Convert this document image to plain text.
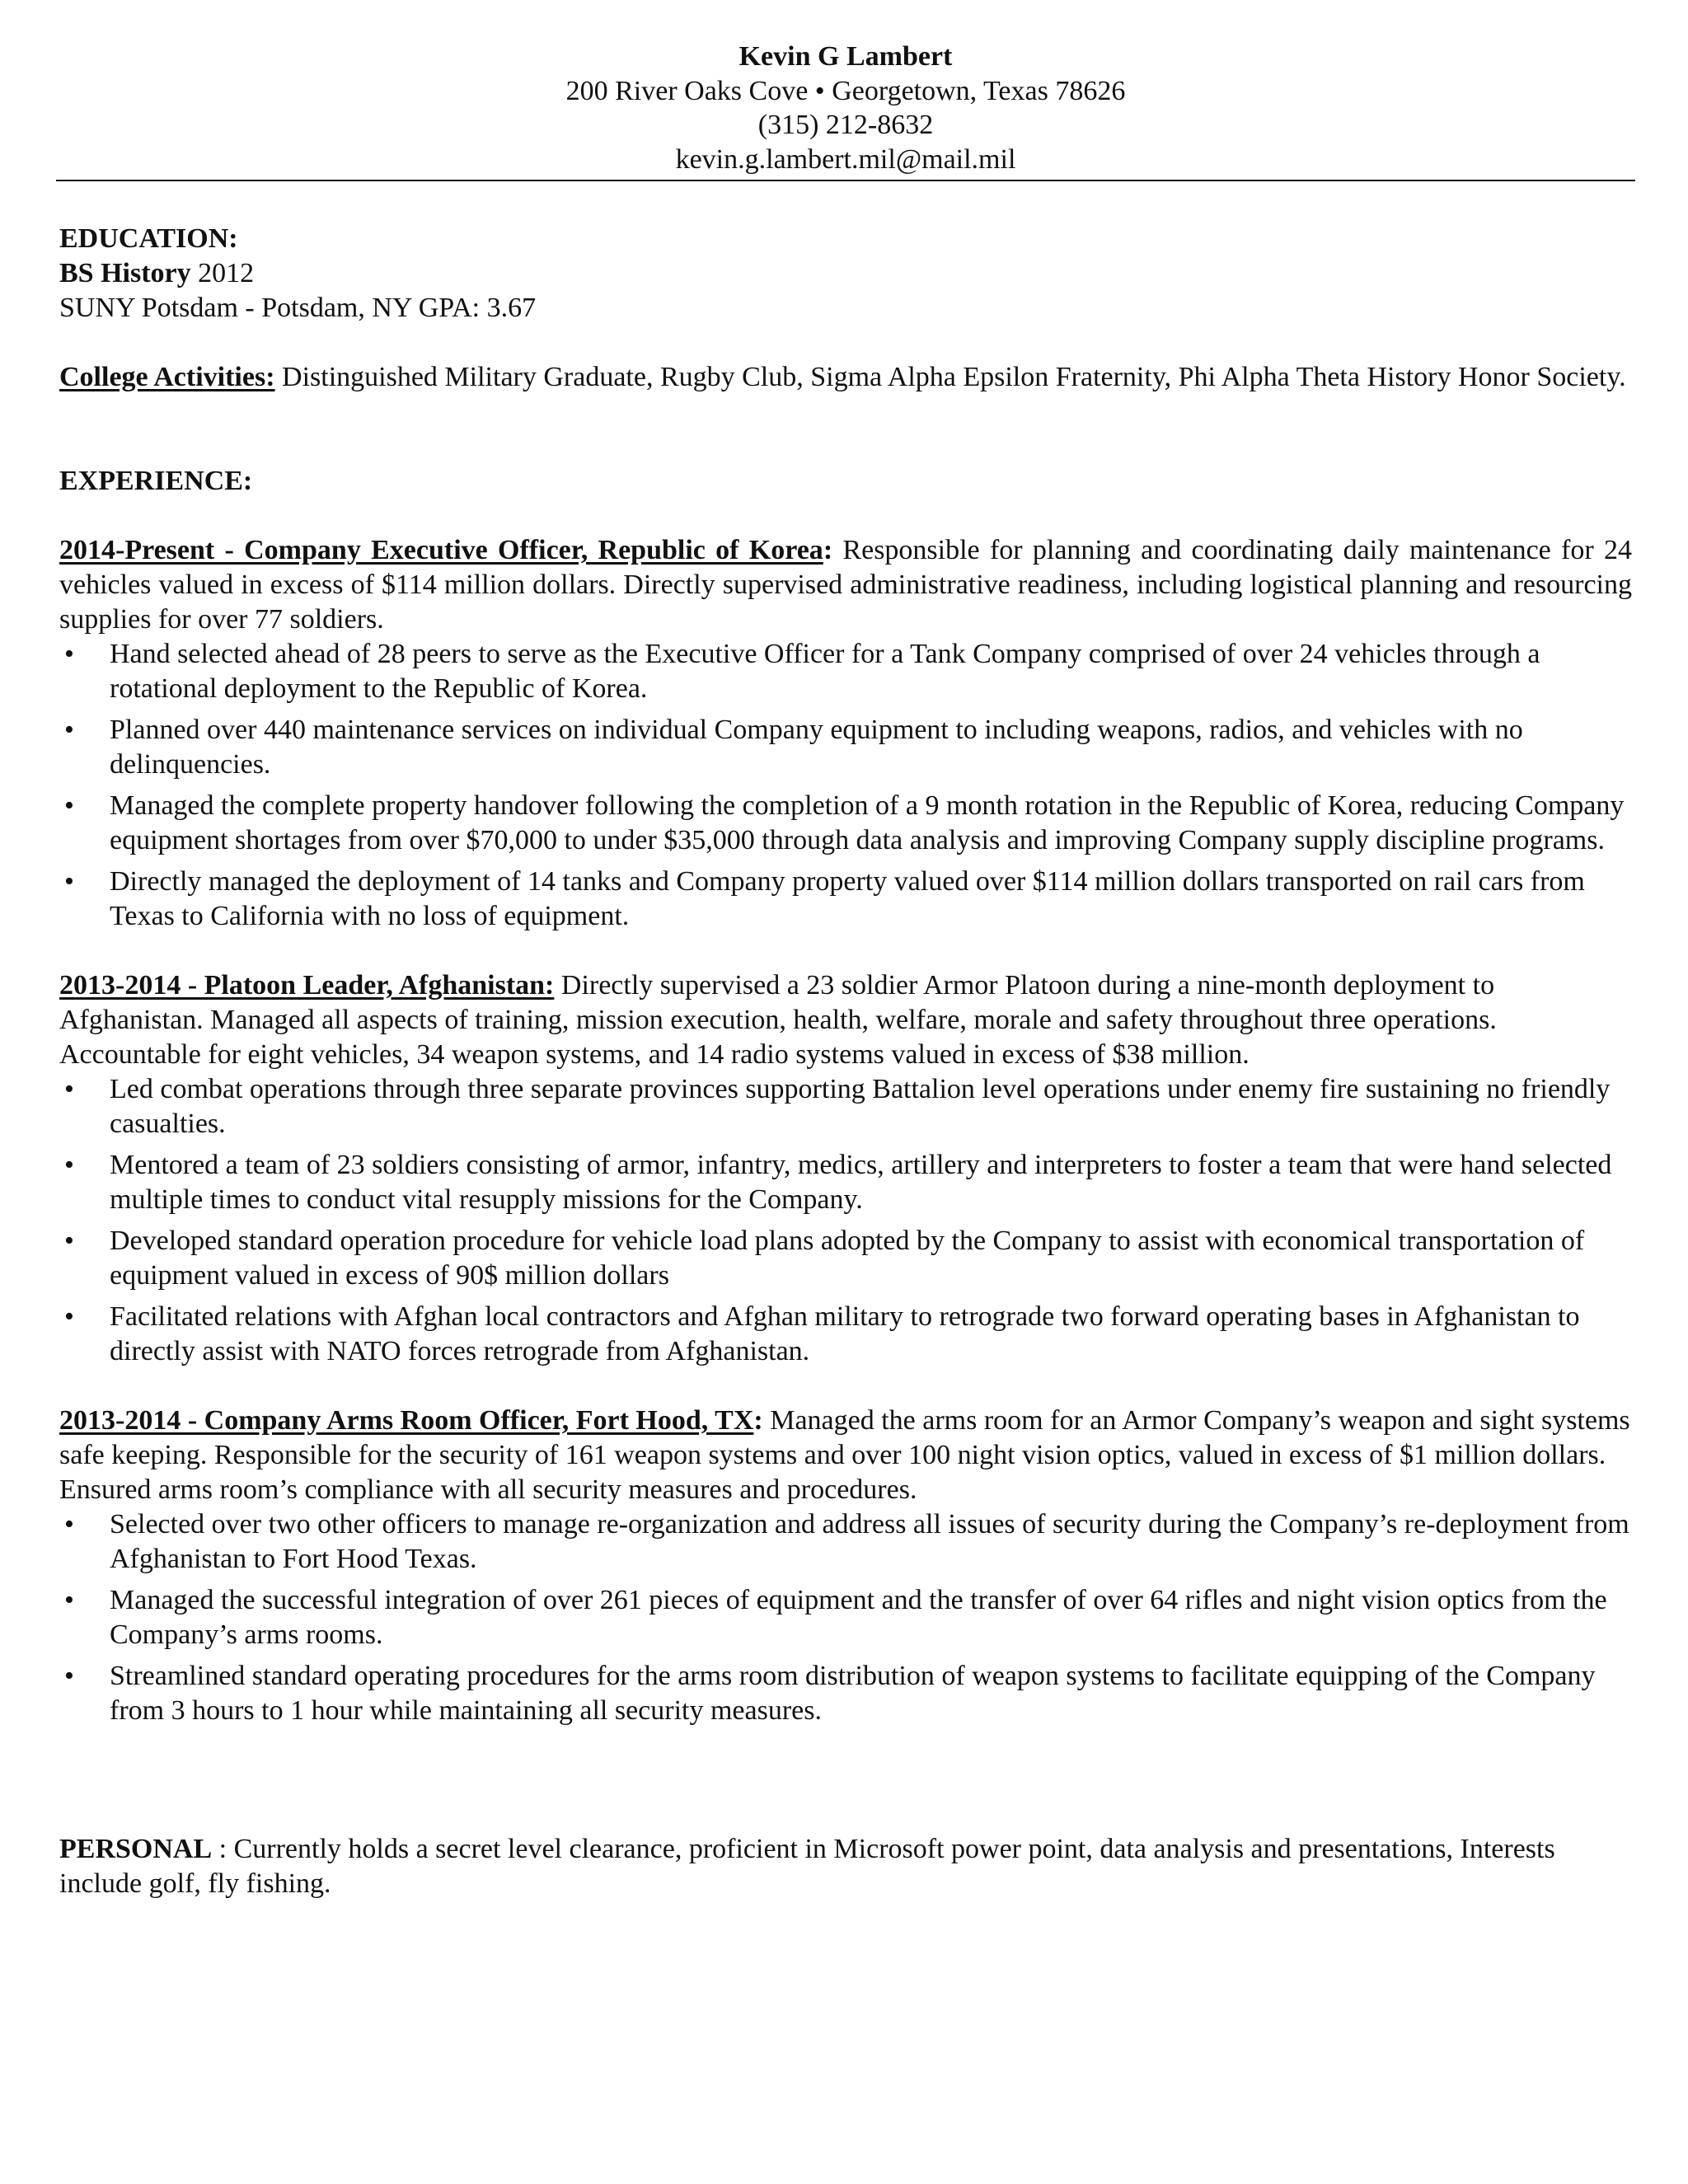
Kevin G Lambert
200 River Oaks Cove • Georgetown, Texas 78626
(315) 212-8632
kevin.g.lambert.mil@mail.mil
EDUCATION:
BS History 2012
SUNY Potsdam - Potsdam, NY GPA: 3.67
College Activities: Distinguished Military Graduate, Rugby Club, Sigma Alpha Epsilon Fraternity, Phi Alpha Theta History Honor Society.
EXPERIENCE:
2014-Present - Company Executive Officer, Republic of Korea: Responsible for planning and coordinating daily maintenance for 24 vehicles valued in excess of $114 million dollars. Directly supervised administrative readiness, including logistical planning and resourcing supplies for over 77 soldiers.
• Hand selected ahead of 28 peers to serve as the Executive Officer for a Tank Company comprised of over 24 vehicles through a rotational deployment to the Republic of Korea.
• Planned over 440 maintenance services on individual Company equipment to including weapons, radios, and vehicles with no delinquencies.
• Managed the complete property handover following the completion of a 9 month rotation in the Republic of Korea, reducing Company equipment shortages from over $70,000 to under $35,000 through data analysis and improving Company supply discipline programs.
• Directly managed the deployment of 14 tanks and Company property valued over $114 million dollars transported on rail cars from Texas to California with no loss of equipment.
2013-2014 - Platoon Leader, Afghanistan: Directly supervised a 23 soldier Armor Platoon during a nine-month deployment to Afghanistan. Managed all aspects of training, mission execution, health, welfare, morale and safety throughout three operations. Accountable for eight vehicles, 34 weapon systems, and 14 radio systems valued in excess of $38 million.
• Led combat operations through three separate provinces supporting Battalion level operations under enemy fire sustaining no friendly casualties.
• Mentored a team of 23 soldiers consisting of armor, infantry, medics, artillery and interpreters to foster a team that were hand selected multiple times to conduct vital resupply missions for the Company.
• Developed standard operation procedure for vehicle load plans adopted by the Company to assist with economical transportation of equipment valued in excess of 90$ million dollars
• Facilitated relations with Afghan local contractors and Afghan military to retrograde two forward operating bases in Afghanistan to directly assist with NATO forces retrograde from Afghanistan.
2013-2014 - Company Arms Room Officer, Fort Hood, TX: Managed the arms room for an Armor Company’s weapon and sight systems safe keeping. Responsible for the security of 161 weapon systems and over 100 night vision optics, valued in excess of $1 million dollars. Ensured arms room’s compliance with all security measures and procedures.
• Selected over two other officers to manage re-organization and address all issues of security during the Company’s re-deployment from Afghanistan to Fort Hood Texas.
• Managed the successful integration of over 261 pieces of equipment and the transfer of over 64 rifles and night vision optics from the Company’s arms rooms.
• Streamlined standard operating procedures for the arms room distribution of weapon systems to facilitate equipping of the Company from 3 hours to 1 hour while maintaining all security measures.
PERSONAL : Currently holds a secret level clearance, proficient in Microsoft power point, data analysis and presentations, Interests include golf, fly fishing.
